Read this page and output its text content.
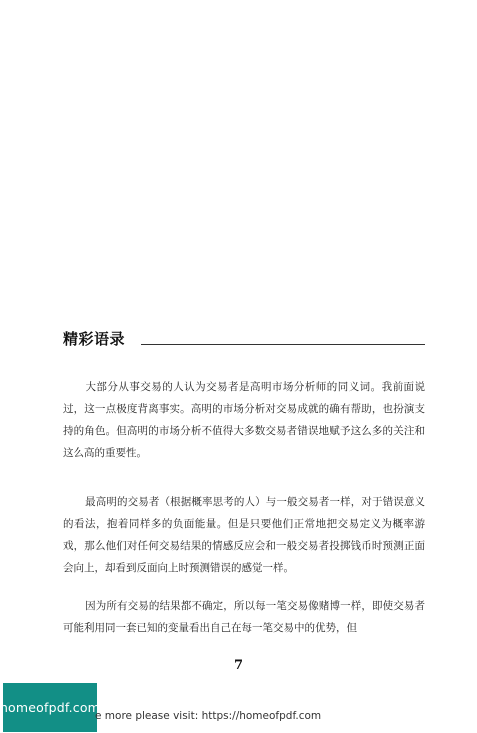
精彩语录

大部分从事交易的人认为交易者是高明市场分析师的同义词。我前面说过，这一点极度背离事实。高明的市场分析对交易成就的确有帮助，也扮演支持的角色。但高明的市场分析不值得大多数交易者错误地赋予这么多的关注和这么高的重要性。

最高明的交易者（根据概率思考的人）与一般交易者一样，对于错误意义的看法，抱着同样多的负面能量。但是只要他们正常地把交易定义为概率游戏，那么他们对任何交易结果的情感反应会和一般交易者投掷钱币时预测正面会向上，却看到反面向上时预测错误的感觉一样。

因为所有交易的结果都不确定，所以每一笔交易像赌博一样，即使交易者可能利用同一套已知的变量看出自己在每一笔交易中的优势，但

7
homeofpdf.com
e more please visit: https://homeofpdf.com
